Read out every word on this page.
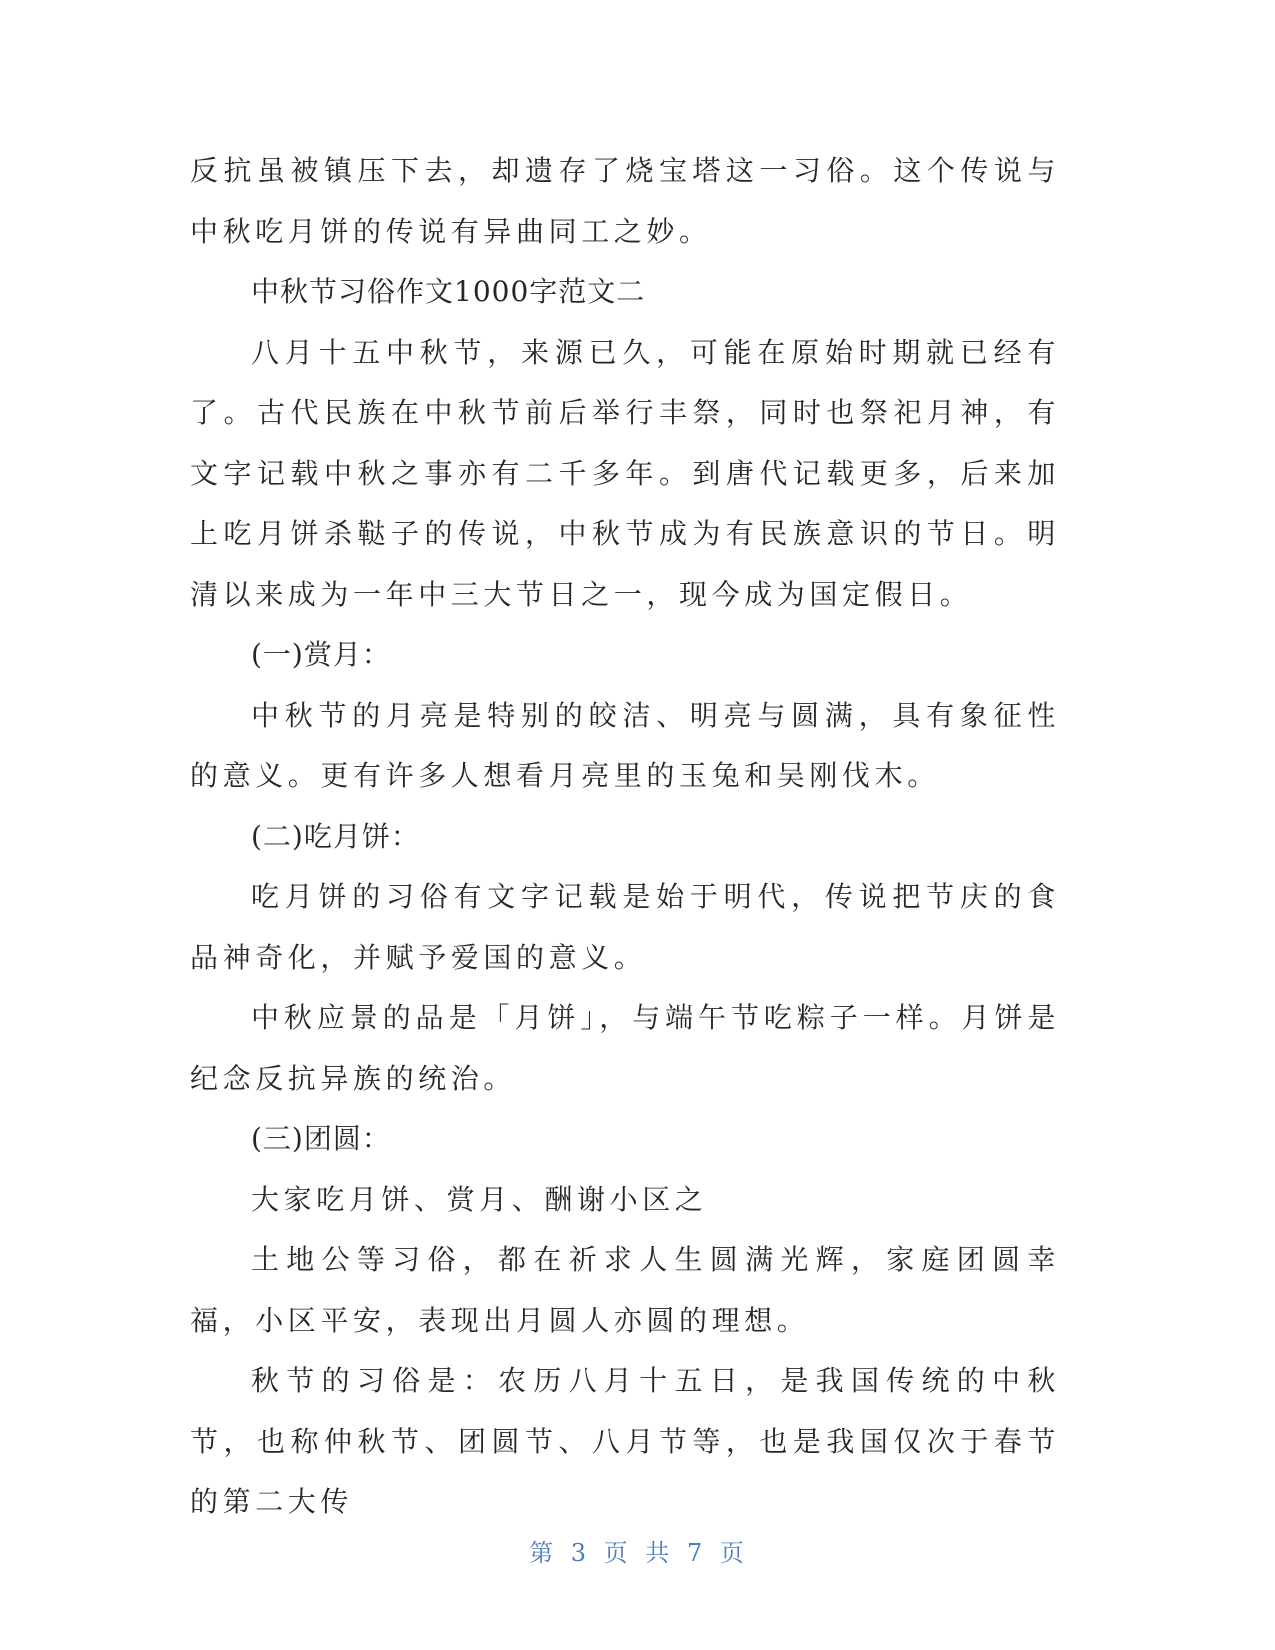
反抗虽被镇压下去，却遗存了烧宝塔这一习俗。这个传说与中秋吃月饼的传说有异曲同工之妙。

中秋节习俗作文1000字范文二

八月十五中秋节，来源已久，可能在原始时期就已经有了。古代民族在中秋节前后举行丰祭，同时也祭祀月神，有文字记载中秋之事亦有二千多年。到唐代记载更多，后来加上吃月饼杀鞑子的传说，中秋节成为有民族意识的节日。明清以来成为一年中三大节日之一，现今成为国定假日。

(一)赏月：

中秋节的月亮是特别的皎洁、明亮与圆满，具有象征性的意义。更有许多人想看月亮里的玉兔和吴刚伐木。

(二)吃月饼：

吃月饼的习俗有文字记载是始于明代，传说把节庆的食品神奇化，并赋予爱国的意义。

中秋应景的品是「月饼」，与端午节吃粽子一样。月饼是纪念反抗异族的统治。

(三)团圆：

大家吃月饼、赏月、酬谢小区之

土地公等习俗，都在祈求人生圆满光辉，家庭团圆幸福，小区平安，表现出月圆人亦圆的理想。

秋节的习俗是：农历八月十五日，是我国传统的中秋节，也称仲秋节、团圆节、八月节等，也是我国仅次于春节的第二大传

第 3 页 共 7 页
